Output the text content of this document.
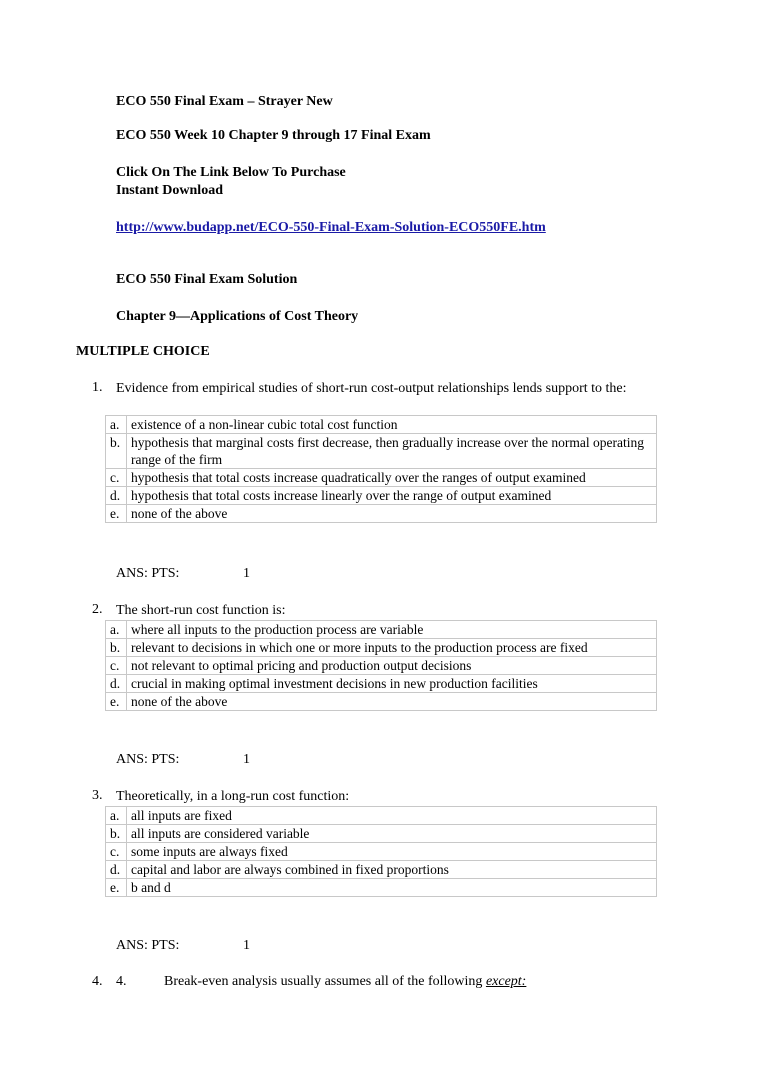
ECO 550 Final Exam – Strayer New
ECO 550 Week 10 Chapter 9 through 17 Final Exam
Click On The Link Below To Purchase
Instant Download
http://www.budapp.net/ECO-550-Final-Exam-Solution-ECO550FE.htm
ECO 550 Final Exam Solution
Chapter 9—Applications of Cost Theory
MULTIPLE CHOICE
1. Evidence from empirical studies of short-run cost-output relationships lends support to the:
a.	existence of a non-linear cubic total cost function
b.	hypothesis that marginal costs first decrease, then gradually increase over the normal operating range of the firm
c.	hypothesis that total costs increase quadratically over the ranges of output examined
d.	hypothesis that total costs increase linearly over the range of output examined
e.	none of the above
ANS: PTS:	1
2. The short-run cost function is:
a.	where all inputs to the production process are variable
b.	relevant to decisions in which one or more inputs to the production process are fixed
c.	not relevant to optimal pricing and production output decisions
d.	crucial in making optimal investment decisions in new production facilities
e.	none of the above
ANS: PTS:	1
3. Theoretically, in a long-run cost function:
a.	all inputs are fixed
b.	all inputs are considered variable
c.	some inputs are always fixed
d.	capital and labor are always combined in fixed proportions
e.	b and d
ANS: PTS:	1
4. 4.	Break-even analysis usually assumes all of the following except:
